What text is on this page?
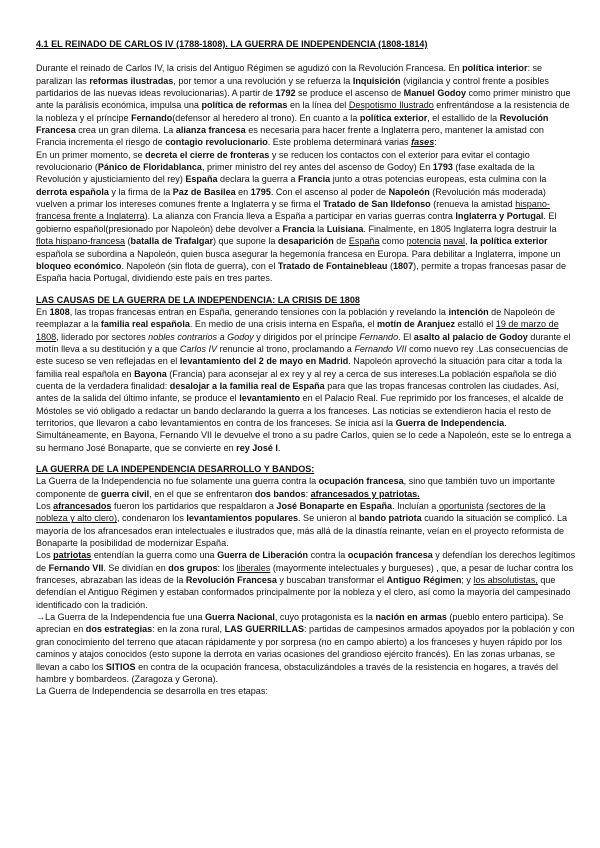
4.1 EL REINADO DE CARLOS IV (1788-1808). LA GUERRA DE INDEPENDENCIA (1808-1814)

Durante el reinado de Carlos IV, la crisis del Antiguo Régimen se agudizó con la Revolución Francesa. En política interior: se paralizan las reformas ilustradas, por temor a una revolución y se refuerza la Inquisición (vigilancia y control frente a posibles partidarios de las nuevas ideas revolucionarias). A partir de 1792 se produce el ascenso de Manuel Godoy como primer ministro que ante la parálisis económica, impulsa una política de reformas en la línea del Despotismo Ilustrado enfrentándose a la resistencia de la nobleza y el príncipe Fernando(defensor al heredero al trono). En cuanto a la política exterior, el estallido de la Revolución Francesa crea un gran dilema. La alianza francesa es necesaria para hacer frente a Inglaterra pero, mantener la amistad con Francia incrementa el riesgo de contagio revolucionario. Este problema determinará varias fases:

En un primer momento, se decreta el cierre de fronteras y se reducen los contactos con el exterior para evitar el contagio revolucionario (Pánico de Floridablanca, primer ministro del rey antes del ascenso de Godoy) En 1793 (fase exaltada de la Revolución y ajusticiamiento del rey) España declara la guerra a Francia junto a otras potencias europeas, esta culmina con la derrota española y la firma de la Paz de Basilea en 1795. Con el ascenso al poder de Napoleón (Revolución más moderada) vuelven a primar los intereses comunes frente a Inglaterra y se firma el Tratado de San Ildefonso (renueva la amistad hispano-francesa frente a Inglaterra). La alianza con Francia lleva a España a participar en varias guerras contra Inglaterra y Portugal. El gobierno español(presionado por Napoleón) debe devolver a Francia la Luisiana. Finalmente, en 1805 Inglaterra logra destruir la flota hispano-francesa (batalla de Trafalgar) que supone la desaparición de España como potencia naval, la política exterior española se subordina a Napoleón, quien busca asegurar la hegemonía francesa en Europa. Para debilitar a Inglaterra, impone un bloqueo económico. Napoleón (sin flota de guerra), con el Tratado de Fontainebleau (1807), permite a tropas francesas pasar de España hacia Portugal, dividiendo este país en tres partes.

LAS CAUSAS DE LA GUERRA DE LA INDEPENDENCIA: LA CRISIS DE 1808

En 1808, las tropas francesas entran en España, generando tensiones con la población y revelando la intención de Napoleón de reemplazar a la familia real española. En medio de una crisis interna en España, el motín de Aranjuez estalló el 19 de marzo de 1808, liderado por sectores nobles contrarios a Godoy y dirigidos por el príncipe Fernando. El asalto al palacio de Godoy durante el motín lleva a su destitución y a que Carlos IV renuncie al trono, proclamando a Fernando VII como nuevo rey .Las consecuencias de este suceso se ven reflejadas en el levantamiento del 2 de mayo en Madrid. Napoleón aprovechó la situación para citar a toda la familia real española en Bayona (Francia) para aconsejar al ex rey y al rey a cerca de sus intereses.La población española se dió cuenta de la verdadera finalidad: desalojar a la familia real de España para que las tropas francesas controlen las ciudades. Así, antes de la salida del último infante, se produce el levantamiento en el Palacio Real. Fue reprimido por los franceses, el alcalde de Móstoles se vió obligado a redactar un bando declarando la guerra a los franceses. Las noticias se extendieron hacia el resto de territorios, que llevaron a cabo levantamientos en contra de los franceses. Se inicia así la Guerra de Independencia. Simultáneamente, en Bayona, Fernando VII le devuelve el trono a su padre Carlos, quien se lo cede a Napoleón, este se lo entrega a su hermano José Bonaparte, que se convierte en rey José I.

LA GUERRA DE LA INDEPENDENCIA DESARROLLO Y BANDOS:

La Guerra de la Independencia no fue solamente una guerra contra la ocupación francesa, sino que también tuvo un importante componente de guerra civil, en el que se enfrentaron dos bandos: afrancesados y patriotas.

Los afrancesados fueron los partidarios que respaldaron a José Bonaparte en España. Incluían a oportunista (sectores de la nobleza y alto clero), condenaron los levantamientos populares. Se unieron al bando patriota cuando la situación se complicó. La mayoría de los afrancesados eran intelectuales e ilustrados que, más allá de la dinastía reinante, veían en el proyecto reformista de Bonaparte la posibilidad de modernizar España.

Los patriotas entendían la guerra como una Guerra de Liberación contra la ocupación francesa y defendían los derechos legítimos de Fernando VII. Se dividían en dos grupos: los liberales (mayormente intelectuales y burgueses) , que, a pesar de luchar contra los franceses, abrazaban las ideas de la Revolución Francesa y buscaban transformar el Antiguo Régimen; y los absolutistas, que defendían el Antiguo Régimen y estaban conformados principalmente por la nobleza y el clero, así como la mayoría del campesinado identificado con la tradición.

→La Guerra de la Independencia fue una Guerra Nacional, cuyo protagonista es la nación en armas (pueblo entero participa). Se aprecian en dos estrategias: en la zona rural, LAS GUERRILLAS: partidas de campesinos armados apoyados por la población y con gran conocimiento del terreno que atacan rápidamente y por sorpresa (no en campo abierto) a los franceses y huyen rápido por los caminos y atajos conocidos (esto supone la derrota en varias ocasiones del grandioso ejército francés). En las zonas urbanas, se llevan a cabo los SITIOS en contra de la ocupación francesa, obstaculizándoles a través de la resistencia en hogares, a través del hambre y bombardeos. (Zaragoza y Gerona).

La Guerra de Independencia se desarrolla en tres etapas:
